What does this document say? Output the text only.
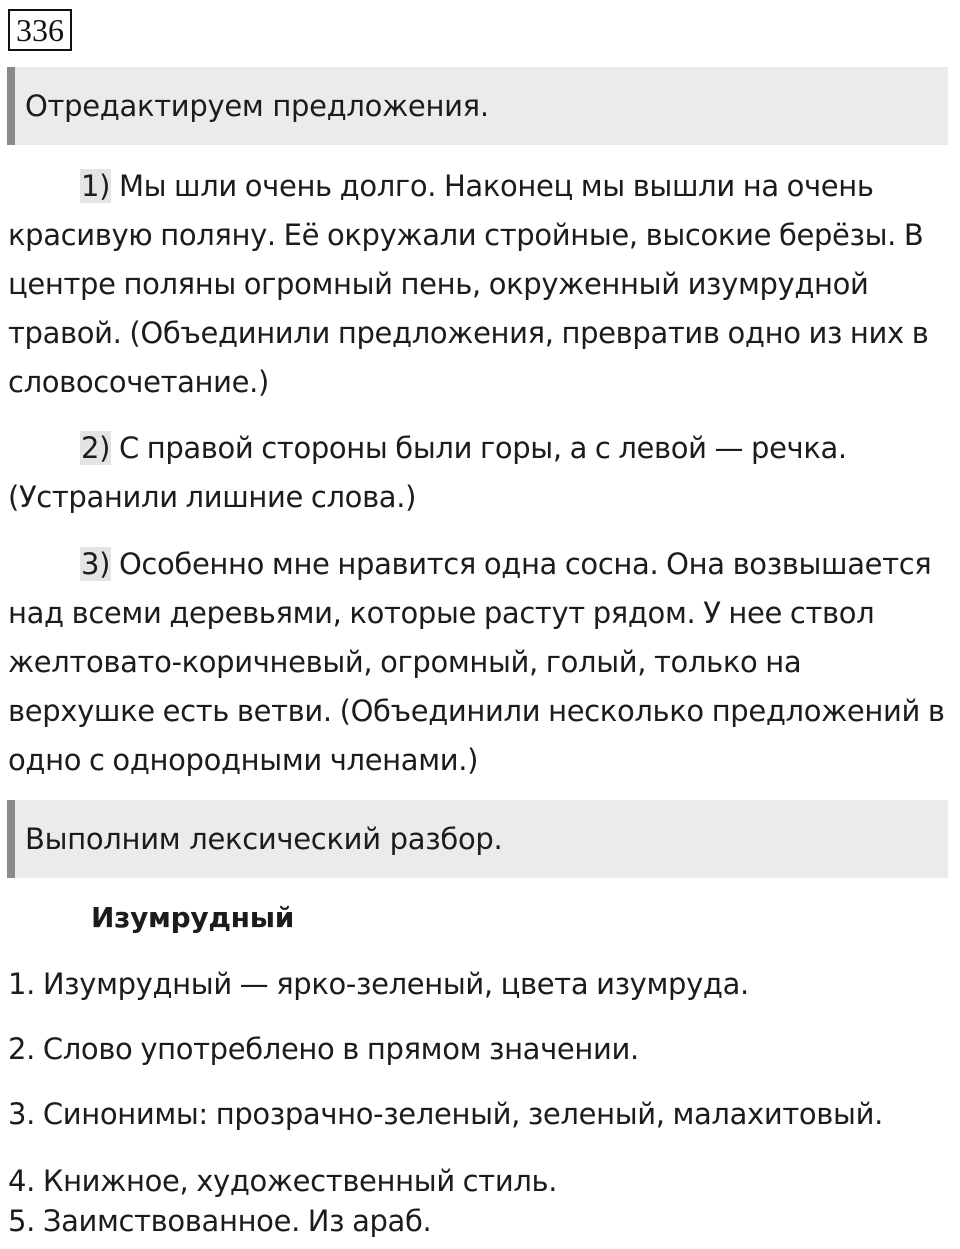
336
Отредактируем предложения.

1) Мы шли очень долго. Наконец мы вышли на очень красивую поляну. Её окружали стройные, высокие берёзы. В центре поляны огромный пень, окруженный изумрудной травой. (Объединили предложения, превратив одно из них в словосочетание.)

2) С правой стороны были горы, а с левой — речка. (Устранили лишние слова.)

3) Особенно мне нравится одна сосна. Она возвышается над всеми деревьями, которые растут рядом. У нее ствол желтовато-коричневый, огромный, голый, только на верхушке есть ветви. (Объединили несколько предложений в одно с однородными членами.)

Выполним лексический разбор.
Изумрудный
1. Изумрудный — ярко-зеленый, цвета изумруда.
2. Слово употреблено в прямом значении.
3. Синонимы: прозрачно-зеленый, зеленый, малахитовый.
4. Книжное, художественный стиль.
5. Заимствованное. Из араб.
